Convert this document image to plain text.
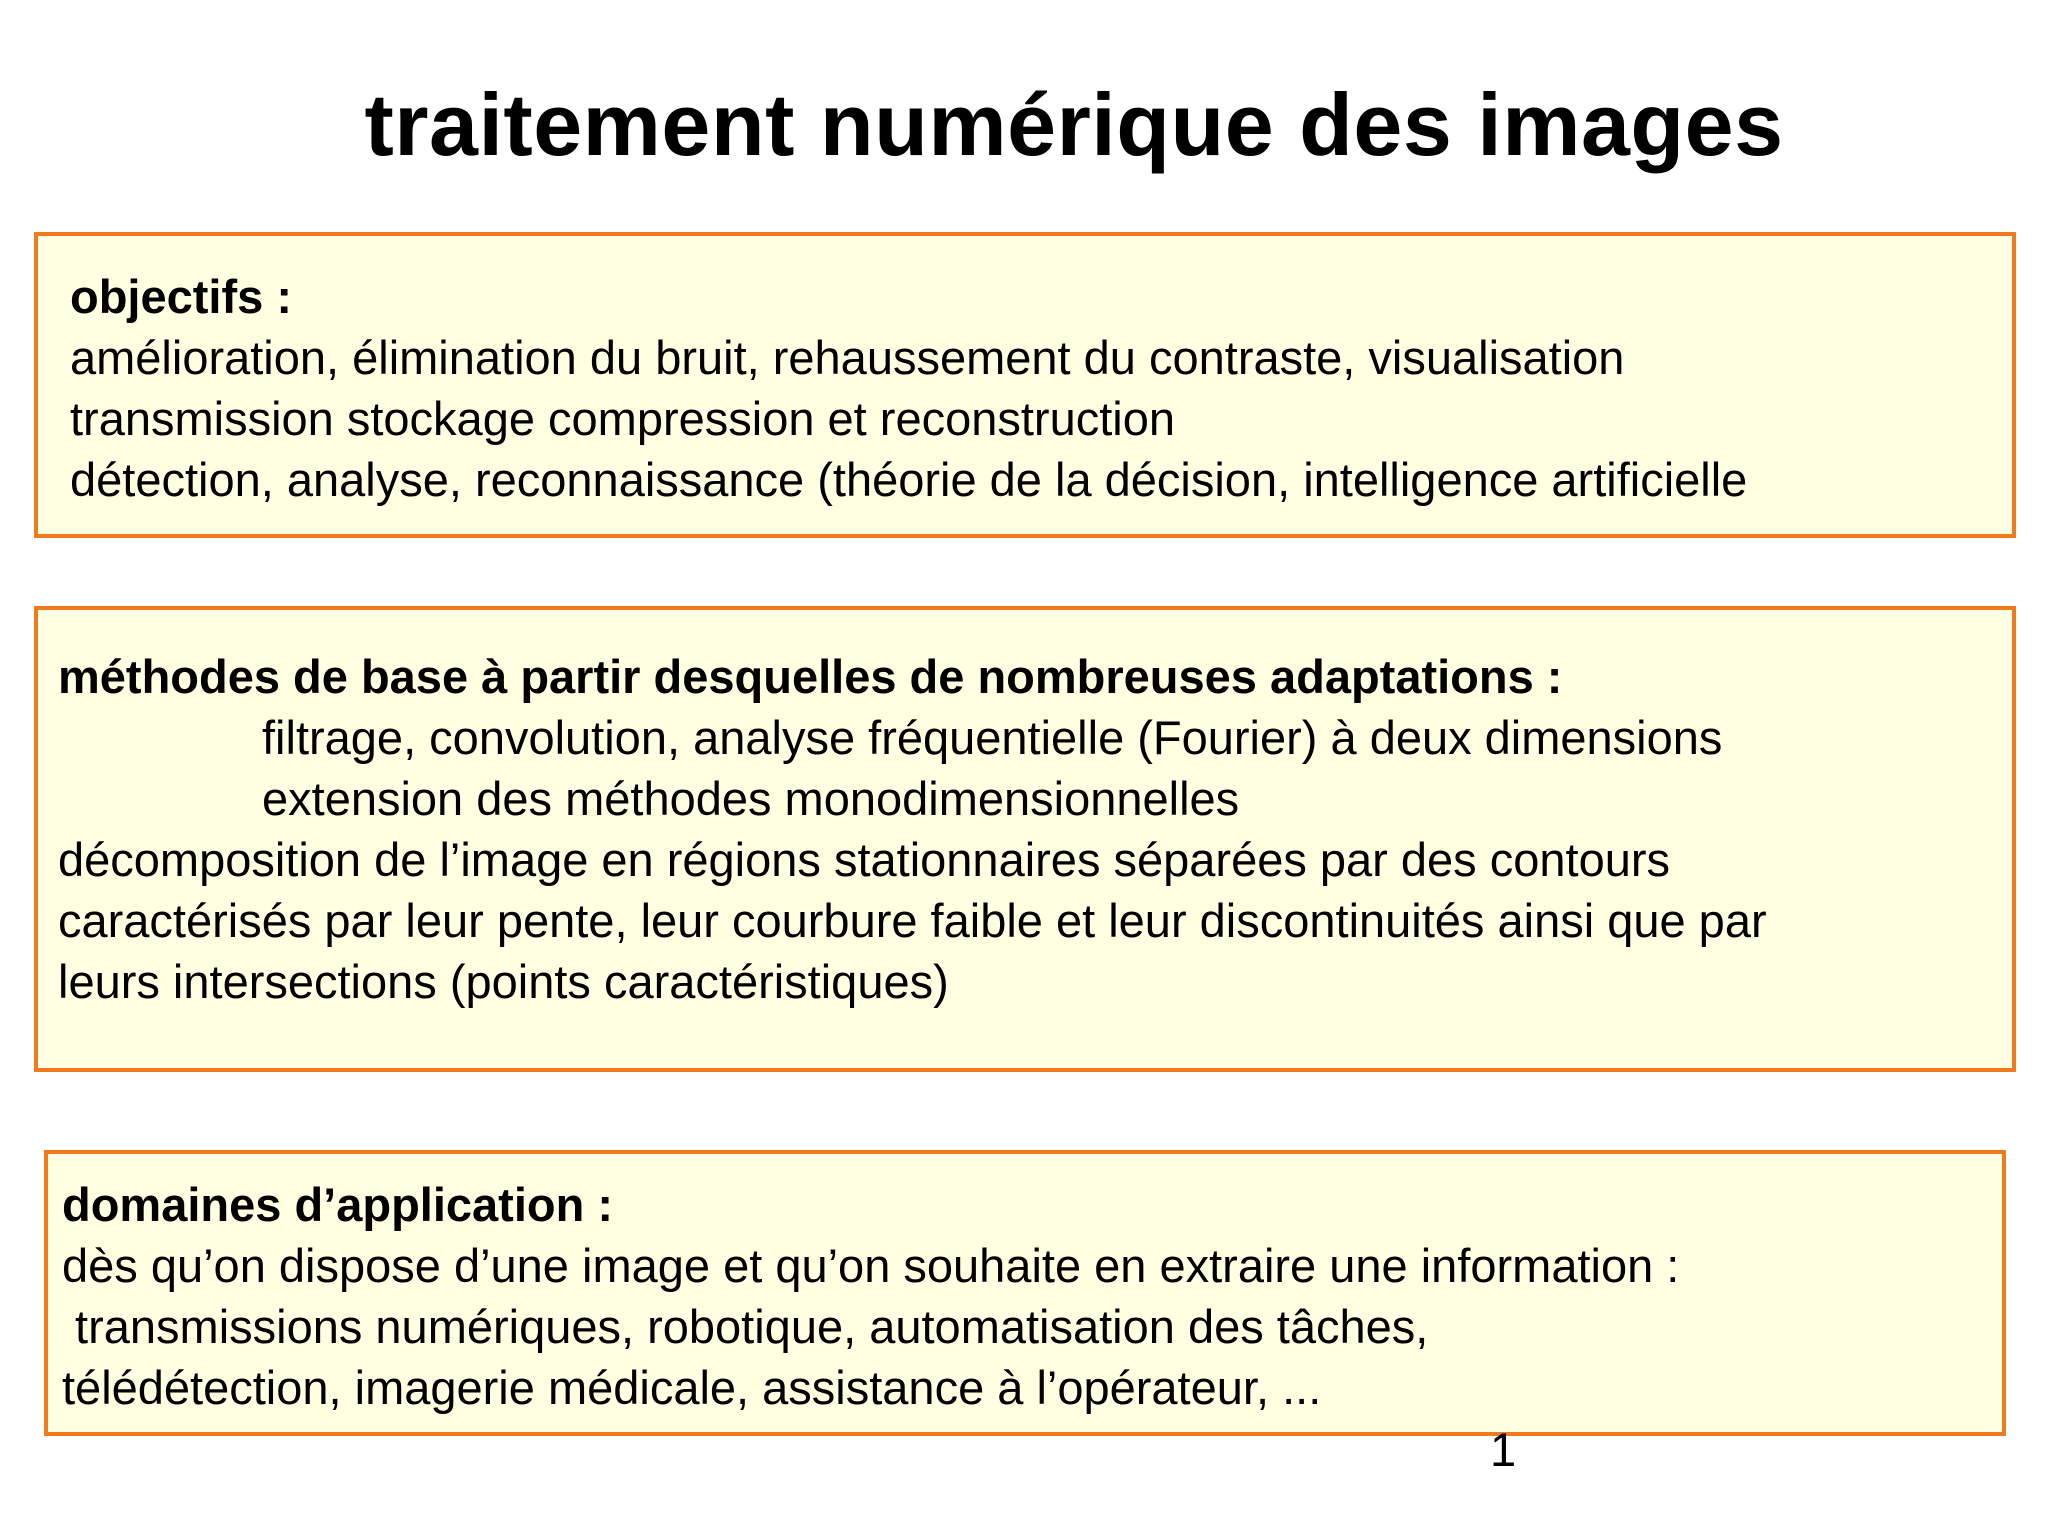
traitement numérique des images
objectifs :
amélioration, élimination du bruit, rehaussement du contraste, visualisation
transmission stockage compression et reconstruction
détection, analyse, reconnaissance (théorie de la décision, intelligence artificielle
méthodes de base à partir desquelles de nombreuses adaptations :
filtrage, convolution, analyse fréquentielle (Fourier) à deux dimensions
extension des méthodes monodimensionnelles
décomposition de l’image en régions stationnaires séparées par des contours
caractérisés par leur pente, leur courbure faible et leur discontinuités ainsi que par
leurs intersections (points caractéristiques)
domaines d’application :
dès qu’on dispose d’une image et qu’on souhaite en extraire une information :
transmissions numériques, robotique, automatisation des tâches,
télédétection, imagerie médicale, assistance à l’opérateur, ...
1
